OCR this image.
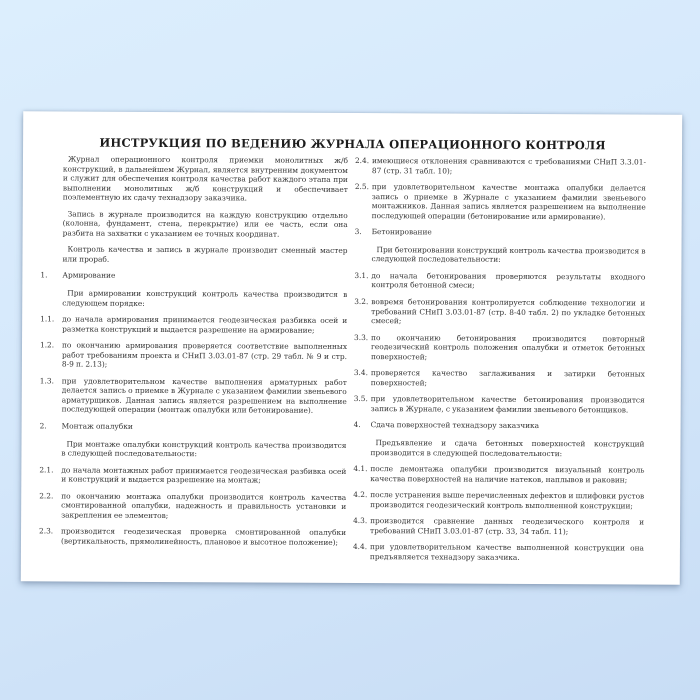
ИНСТРУКЦИЯ ПО ВЕДЕНИЮ ЖУРНАЛА ОПЕРАЦИОННОГО КОНТРОЛЯ
Журнал операционного контроля приемки монолитных ж/б конструкций, в дальнейшем Журнал, является внутренним документом и служит для обеспечения контроля качества работ каждого этапа при выполнении монолитных ж/б конструкций и обеспечивает поэлементную их сдачу технадзору заказчика.
Запись в журнале производится на каждую конструкцию отдельно (колонна, фундамент, стена, перекрытие) или ее часть, если она разбита на захватки с указанием ее точных координат.
Контроль качества и запись в журнале производит сменный мастер или прораб.
1. Армирование
При армировании конструкций контроль качества производится в следующем порядке:
1.1. до начала армирования принимается геодезическая разбивка осей и разметка конструкций и выдается разрешение на армирование;
1.2. по окончанию армирования проверяется соответствие выполненных работ требованиям проекта и СНиП 3.03.01-87 (стр. 29 табл. № 9 и стр. 8-9 п. 2.13);
1.3. при удовлетворительном качестве выполнения арматурных работ делается запись о приемке в Журнале с указанием фамилии звеньевого арматурщиков. Данная запись является разрешением на выполнение последующей операции (монтаж опалубки или бетонирование).
2. Монтаж опалубки
При монтаже опалубки конструкций контроль качества производится в следующей последовательности:
2.1. до начала монтажных работ принимается геодезическая разбивка осей и конструкций и выдается разрешение на монтаж;
2.2. по окончанию монтажа опалубки производится контроль качества смонтированной опалубки, надежность и правильность установки и закрепления ее элементов;
2.3. производится геодезическая проверка смонтированной опалубки (вертикальность, прямолинейность, плановое и высотное положение);
2.4. имеющиеся отклонения сравниваются с требованиями СНиП 3.3.01-87 (стр. 31 табл. 10);
2.5. при удовлетворительном качестве монтажа опалубки делается запись о приемке в Журнале с указанием фамилии звеньевого монтажников. Данная запись является разрешением на выполнение последующей операции (бетонирование или армирование).
3. Бетонирование
При бетонировании конструкций контроль качества производится в следующей последовательности:
3.1. до начала бетонирования проверяются результаты входного контроля бетонной смеси;
3.2. вовремя бетонирования контролируется соблюдение технологии и требований СНиП 3.03.01-87 (стр. 8-40 табл. 2) по укладке бетонных смесей;
3.3. по окончанию бетонирования производится повторный геодезический контроль положения опалубки и отметок бетонных поверхностей;
3.4. проверяется качество заглаживания и затирки бетонных поверхностей;
3.5. при удовлетворительном качестве бетонирования производится запись в Журнале, с указанием фамилии звеньевого бетонщиков.
4. Сдача поверхностей технадзору заказчика
Предъявление и сдача бетонных поверхностей конструкций производится в следующей последовательности:
4.1. после демонтажа опалубки производится визуальный контроль качества поверхностей на наличие натеков, наплывов и раковин;
4.2. после устранения выше перечисленных дефектов и шлифовки рустов производится геодезический контроль выполненной конструкции;
4.3. производится сравнение данных геодезического контроля и требований СНиП 3.03.01-87 (стр. 33, 34 табл. 11);
4.4. при удовлетворительном качестве выполненной конструкции она предъявляется технадзору заказчика.
